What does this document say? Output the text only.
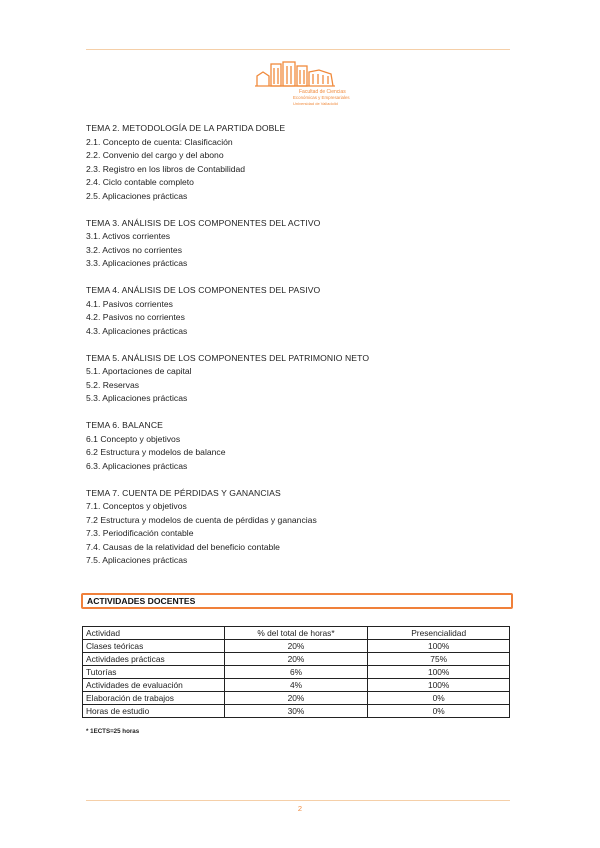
Facultad de Ciencias
Económicas y Empresariales
Universidad de Valladolid
TEMA 2. METODOLOGÍA DE LA PARTIDA DOBLE
2.1. Concepto de cuenta: Clasificación
2.2. Convenio del cargo y del abono
2.3. Registro en los libros de Contabilidad
2.4. Ciclo contable completo
2.5. Aplicaciones prácticas
TEMA 3. ANÁLISIS DE LOS COMPONENTES DEL ACTIVO
3.1. Activos corrientes
3.2. Activos no corrientes
3.3. Aplicaciones prácticas
TEMA 4. ANÁLISIS DE LOS COMPONENTES DEL PASIVO
4.1. Pasivos corrientes
4.2. Pasivos no corrientes
4.3. Aplicaciones prácticas
TEMA 5. ANÁLISIS DE LOS COMPONENTES DEL PATRIMONIO NETO
5.1. Aportaciones de capital
5.2. Reservas
5.3. Aplicaciones prácticas
TEMA 6. BALANCE
6.1 Concepto y objetivos
6.2 Estructura y modelos de balance
6.3. Aplicaciones prácticas
TEMA 7. CUENTA DE PÉRDIDAS Y GANANCIAS
7.1. Conceptos y objetivos
7.2 Estructura y modelos de cuenta de pérdidas y ganancias
7.3. Periodificación contable
7.4. Causas de la relatividad del beneficio contable
7.5. Aplicaciones prácticas
ACTIVIDADES DOCENTES
Actividad	% del total de horas*	Presencialidad
Clases teóricas	20%	100%
Actividades prácticas	20%	75%
Tutorías	6%	100%
Actividades de evaluación	4%	100%
Elaboración de trabajos	20%	0%
Horas de estudio	30%	0%
* 1ECTS=25 horas
2
